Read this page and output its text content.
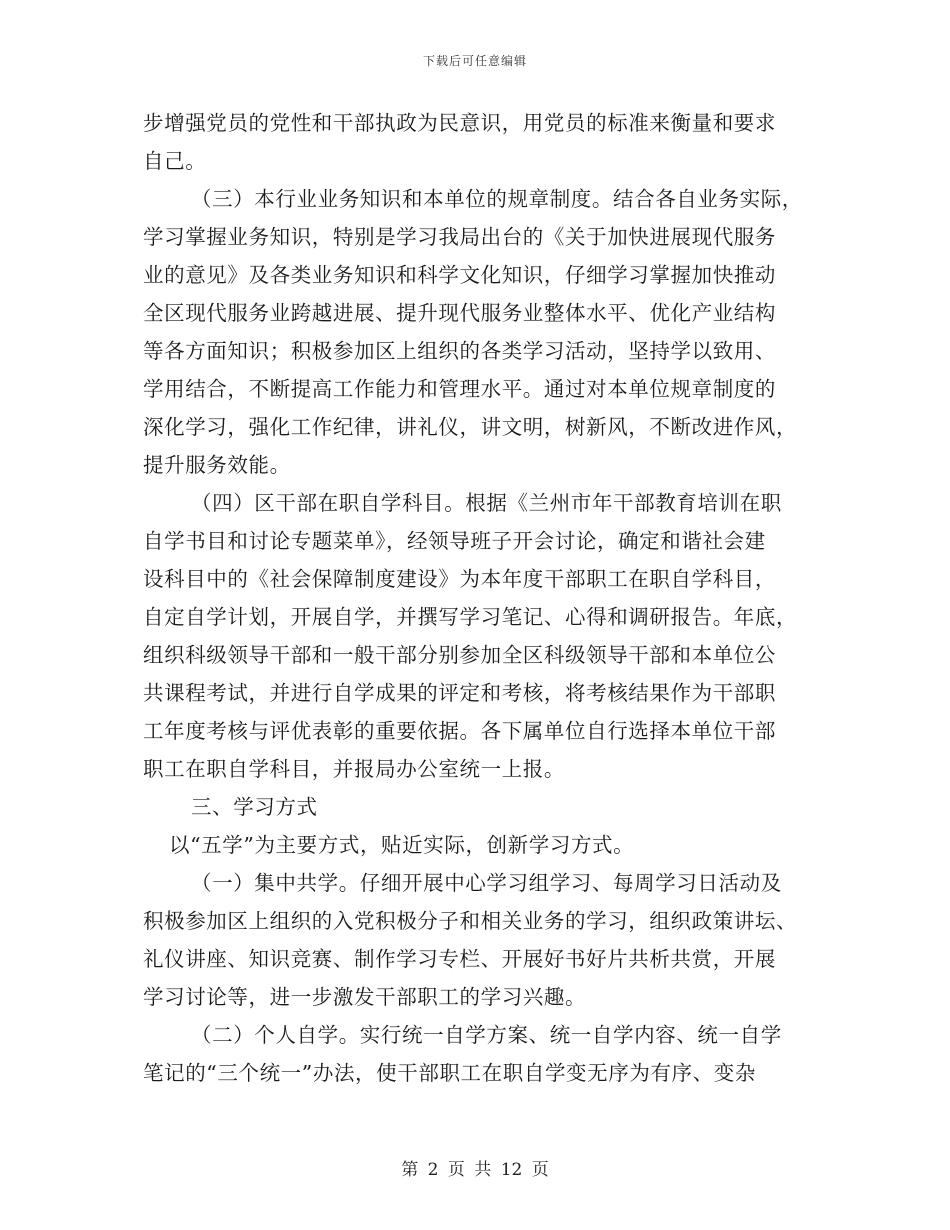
下载后可任意编辑
步增强党员的党性和干部执政为民意识，用党员的标准来衡量和要求
自己。
（三）本行业业务知识和本单位的规章制度。结合各自业务实际，
学习掌握业务知识，特别是学习我局出台的《关于加快进展现代服务
业的意见》及各类业务知识和科学文化知识，仔细学习掌握加快推动
全区现代服务业跨越进展、提升现代服务业整体水平、优化产业结构
等各方面知识；积极参加区上组织的各类学习活动，坚持学以致用、
学用结合，不断提高工作能力和管理水平。通过对本单位规章制度的
深化学习，强化工作纪律，讲礼仪，讲文明，树新风，不断改进作风，
提升服务效能。
（四）区干部在职自学科目。根据《兰州市年干部教育培训在职
自学书目和讨论专题菜单》，经领导班子开会讨论，确定和谐社会建
设科目中的《社会保障制度建设》为本年度干部职工在职自学科目，
自定自学计划，开展自学，并撰写学习笔记、心得和调研报告。年底，
组织科级领导干部和一般干部分别参加全区科级领导干部和本单位公
共课程考试，并进行自学成果的评定和考核，将考核结果作为干部职
工年度考核与评优表彰的重要依据。各下属单位自行选择本单位干部
职工在职自学科目，并报局办公室统一上报。
三、学习方式
以“五学”为主要方式，贴近实际，创新学习方式。
（一）集中共学。仔细开展中心学习组学习、每周学习日活动及
积极参加区上组织的入党积极分子和相关业务的学习，组织政策讲坛、
礼仪讲座、知识竞赛、制作学习专栏、开展好书好片共析共赏，开展
学习讨论等，进一步激发干部职工的学习兴趣。
（二）个人自学。实行统一自学方案、统一自学内容、统一自学
笔记的“三个统一”办法，使干部职工在职自学变无序为有序、变杂
第 2 页 共 12 页
